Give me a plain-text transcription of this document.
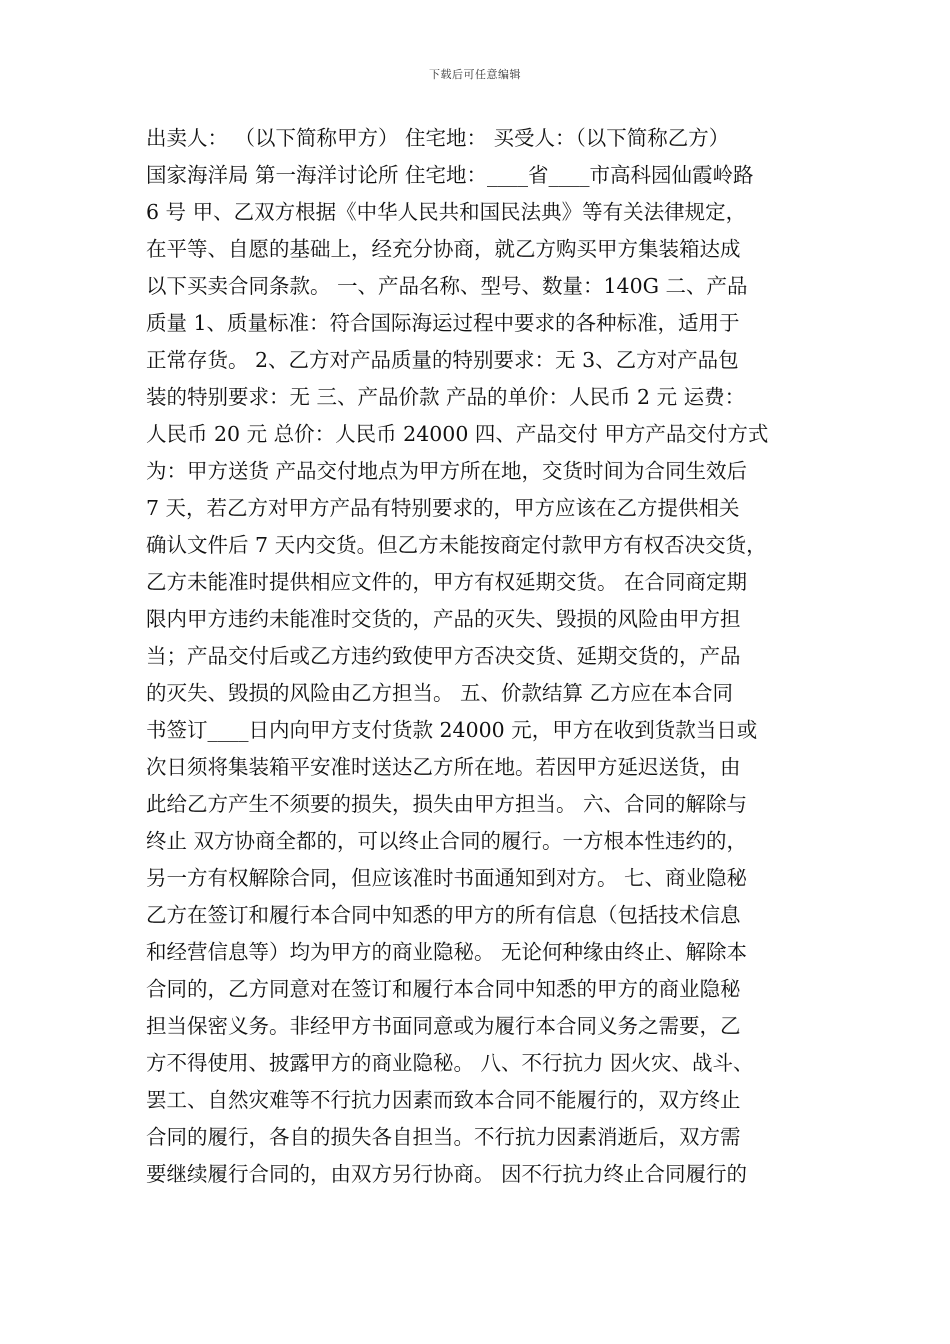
下载后可任意编辑
出卖人： （以下简称甲方） 住宅地： 买受人：（以下简称乙方）
国家海洋局 第一海洋讨论所 住宅地：____省____市高科园仙霞岭路
6 号 甲、乙双方根据《中华人民共和国民法典》等有关法律规定，
在平等、自愿的基础上，经充分协商，就乙方购买甲方集装箱达成
以下买卖合同条款。 一、产品名称、型号、数量：140G 二、产品
质量 1、质量标准：符合国际海运过程中要求的各种标准，适用于
正常存货。 2、乙方对产品质量的特别要求：无 3、乙方对产品包
装的特别要求：无 三、产品价款 产品的单价：人民币 2 元 运费：
人民币 20 元 总价：人民币 24000 四、产品交付 甲方产品交付方式
为：甲方送货 产品交付地点为甲方所在地，交货时间为合同生效后
7 天，若乙方对甲方产品有特别要求的，甲方应该在乙方提供相关
确认文件后 7 天内交货。但乙方未能按商定付款甲方有权否决交货，
乙方未能准时提供相应文件的，甲方有权延期交货。 在合同商定期
限内甲方违约未能准时交货的，产品的灭失、毁损的风险由甲方担
当；产品交付后或乙方违约致使甲方否决交货、延期交货的，产品
的灭失、毁损的风险由乙方担当。 五、价款结算 乙方应在本合同
书签订____日内向甲方支付货款 24000 元，甲方在收到货款当日或
次日须将集装箱平安准时送达乙方所在地。若因甲方延迟送货，由
此给乙方产生不须要的损失，损失由甲方担当。 六、合同的解除与
终止 双方协商全都的，可以终止合同的履行。一方根本性违约的，
另一方有权解除合同，但应该准时书面通知到对方。 七、商业隐秘
乙方在签订和履行本合同中知悉的甲方的所有信息（包括技术信息
和经营信息等）均为甲方的商业隐秘。 无论何种缘由终止、解除本
合同的，乙方同意对在签订和履行本合同中知悉的甲方的商业隐秘
担当保密义务。非经甲方书面同意或为履行本合同义务之需要，乙
方不得使用、披露甲方的商业隐秘。 八、不行抗力 因火灾、战斗、
罢工、自然灾难等不行抗力因素而致本合同不能履行的，双方终止
合同的履行，各自的损失各自担当。不行抗力因素消逝后，双方需
要继续履行合同的，由双方另行协商。 因不行抗力终止合同履行的
